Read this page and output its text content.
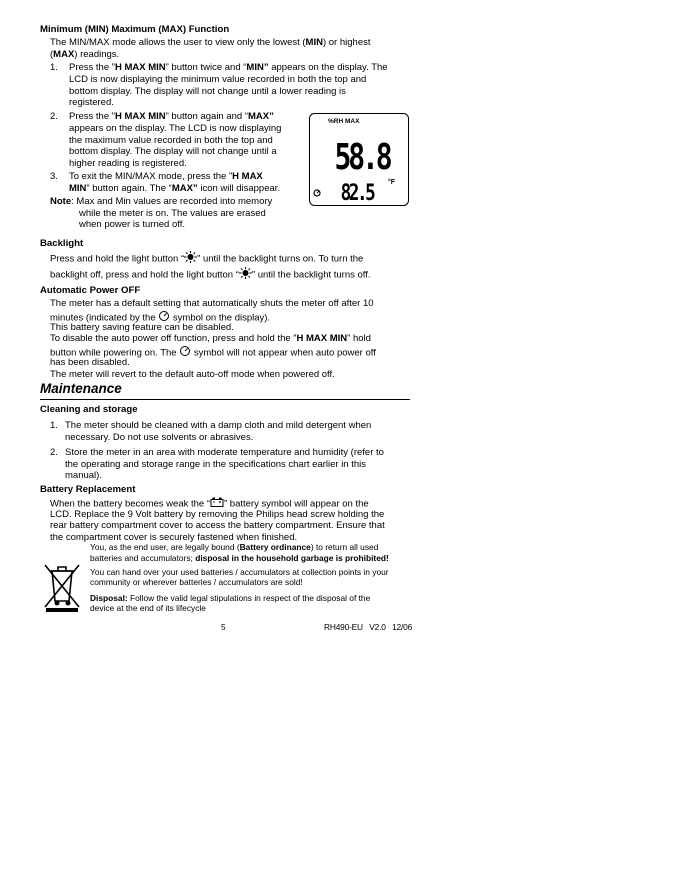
Minimum (MIN) Maximum (MAX) Function
The MIN/MAX mode allows the user to view only the lowest (MIN) or highest
(MAX) readings.
1. Press the ”H MAX MIN” button twice and “MIN” appears on the display. The
LCD is now displaying the minimum value recorded in both the top and
bottom display. The display will not change until a lower reading is
registered.
2. Press the ”H MAX MIN” button again and “MAX”
appears on the display. The LCD is now displaying
the maximum value recorded in both the top and
bottom display. The display will not change until a
higher reading is registered.
3. To exit the MIN/MAX mode, press the ”H MAX
MIN” button again. The “MAX” icon will disappear.
Note: Max and Min values are recorded into memory
while the meter is on. The values are erased
when power is turned off.
%RH MAX
58.8
82.5 °F
Backlight
Press and hold the light button “ ” until the backlight turns on. To turn the
backlight off, press and hold the light button “ ” until the backlight turns off.
Automatic Power OFF
The meter has a default setting that automatically shuts the meter off after 10
minutes (indicated by the symbol on the display).
This battery saving feature can be disabled.
To disable the auto power off function, press and hold the ”H MAX MIN” hold
button while powering on. The symbol will not appear when auto power off
has been disabled.
The meter will revert to the default auto-off mode when powered off.
Maintenance
Cleaning and storage
1. The meter should be cleaned with a damp cloth and mild detergent when
necessary. Do not use solvents or abrasives.
2. Store the meter in an area with moderate temperature and humidity (refer to
the operating and storage range in the specifications chart earlier in this
manual).
Battery Replacement
When the battery becomes weak the “ ” battery symbol will appear on the
LCD. Replace the 9 Volt battery by removing the Philips head screw holding the
rear battery compartment cover to access the battery compartment. Ensure that
the compartment cover is securely fastened when finished.
You, as the end user, are legally bound (Battery ordinance) to return all used
batteries and accumulators; disposal in the household garbage is prohibited!
You can hand over your used batteries / accumulators at collection points in your
community or wherever batteries / accumulators are sold!
Disposal: Follow the valid legal stipulations in respect of the disposal of the
device at the end of its lifecycle
5	RH490-EU   V2.0   12/06
